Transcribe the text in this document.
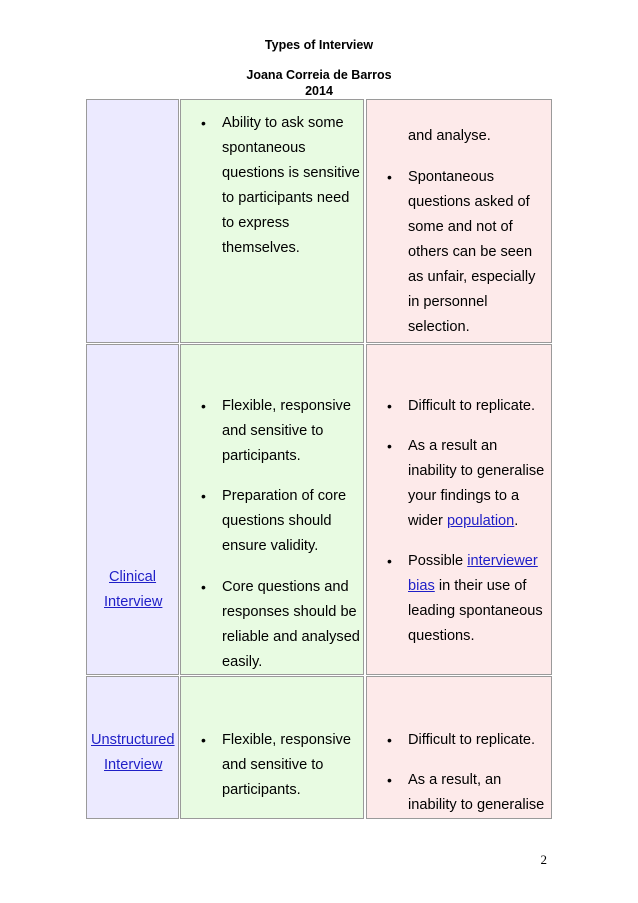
Types of Interview
Joana Correia de Barros
2014
• Ability to ask some
spontaneous
questions is sensitive
to participants need
to express
themselves.
and analyse.
• Spontaneous
questions asked of
some and not of
others can be seen
as unfair, especially
in personnel
selection.
Clinical
Interview
• Flexible, responsive
and sensitive to
participants.
• Preparation of core
questions should
ensure validity.
• Core questions and
responses should be
reliable and analysed
easily.
• Difficult to replicate.
• As a result an
inability to generalise
your findings to a
wider population.
• Possible interviewer
bias in their use of
leading spontaneous
questions.
Unstructured
Interview
• Flexible, responsive
and sensitive to
participants.
• Difficult to replicate.
• As a result, an
inability to generalise
2
